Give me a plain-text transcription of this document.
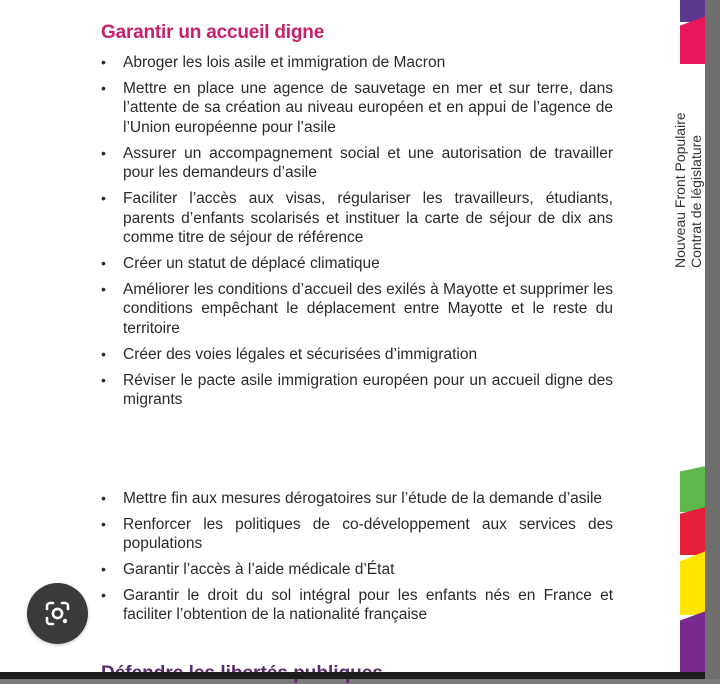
Garantir un accueil digne
• Abroger les lois asile et immigration de Macron
• Mettre en place une agence de sauvetage en mer et sur terre, dans l’attente de sa création au niveau européen et en appui de l’agence de l’Union européenne pour l’asile
• Assurer un accompagnement social et une autorisation de travailler pour les demandeurs d’asile
• Faciliter l’accès aux visas, régulariser les travailleurs, étudiants, parents d’enfants scolarisés et instituer la carte de séjour de dix ans comme titre de séjour de référence
• Créer un statut de déplacé climatique
• Améliorer les conditions d’accueil des exilés à Mayotte et supprimer les conditions empêchant le déplacement entre Mayotte et le reste du territoire
• Créer des voies légales et sécurisées d’immigration
• Réviser le pacte asile immigration européen pour un accueil digne des migrants
• Mettre fin aux mesures dérogatoires sur l’étude de la demande d’asile
• Renforcer les politiques de co-développement aux services des populations
• Garantir l’accès à l’aide médicale d’État
• Garantir le droit du sol intégral pour les enfants nés en France et faciliter l’obtention de la nationalité française
Nouveau Front Populaire Contrat de législature
